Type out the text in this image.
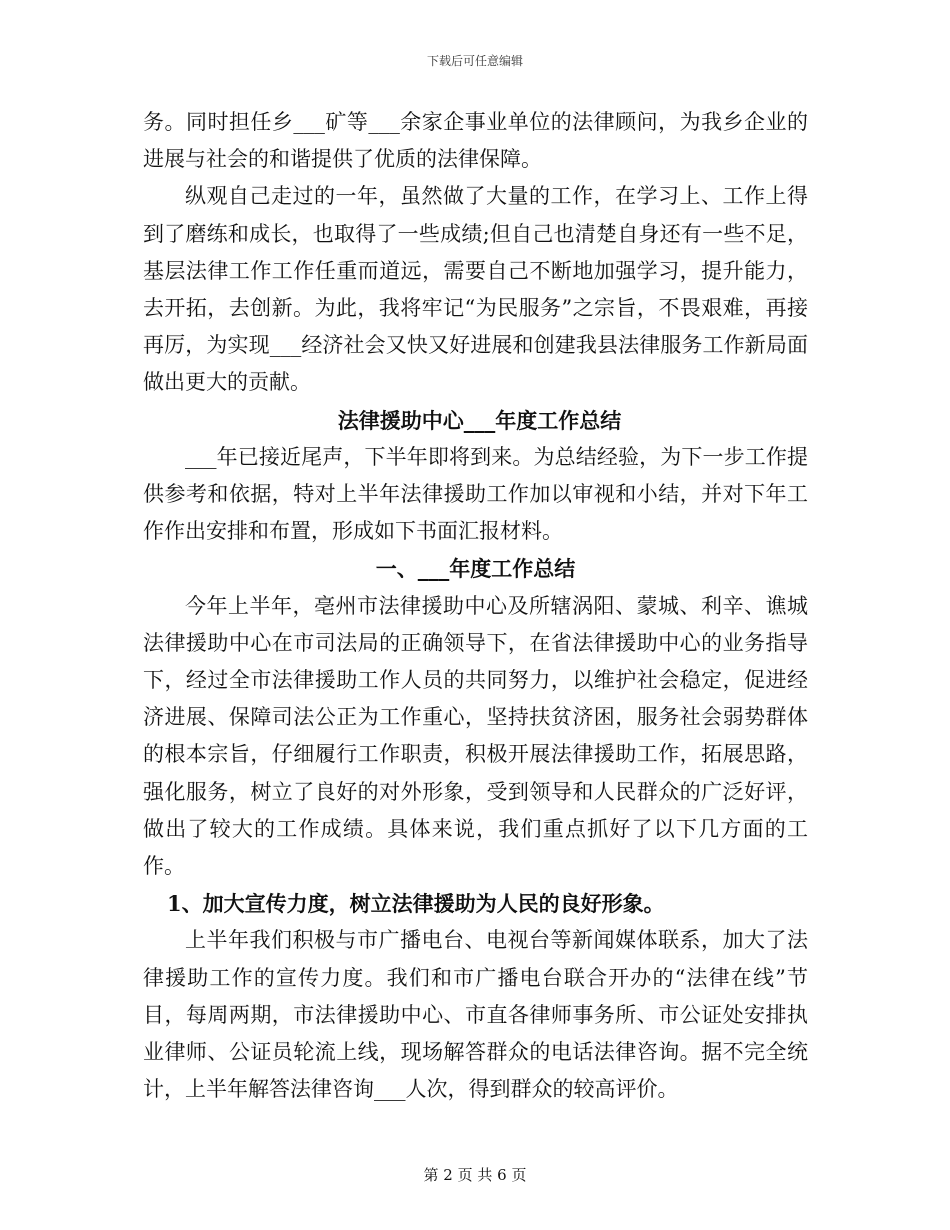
下载后可任意编辑

务。同时担任乡___矿等___余家企事业单位的法律顾问，为我乡企业的进展与社会的和谐提供了优质的法律保障。

纵观自己走过的一年，虽然做了大量的工作，在学习上、工作上得到了磨练和成长，也取得了一些成绩;但自己也清楚自身还有一些不足，基层法律工作工作任重而道远，需要自己不断地加强学习，提升能力，去开拓，去创新。为此，我将牢记“为民服务”之宗旨，不畏艰难，再接再厉，为实现___经济社会又快又好进展和创建我县法律服务工作新局面做出更大的贡献。

法律援助中心___年度工作总结

___年已接近尾声，下半年即将到来。为总结经验，为下一步工作提供参考和依据，特对上半年法律援助工作加以审视和小结，并对下年工作作出安排和布置，形成如下书面汇报材料。

一、___年度工作总结

今年上半年，亳州市法律援助中心及所辖涡阳、蒙城、利辛、谯城法律援助中心在市司法局的正确领导下，在省法律援助中心的业务指导下，经过全市法律援助工作人员的共同努力，以维护社会稳定，促进经济进展、保障司法公正为工作重心，坚持扶贫济困，服务社会弱势群体的根本宗旨，仔细履行工作职责，积极开展法律援助工作，拓展思路，强化服务，树立了良好的对外形象，受到领导和人民群众的广泛好评，做出了较大的工作成绩。具体来说，我们重点抓好了以下几方面的工作。

1、加大宣传力度，树立法律援助为人民的良好形象。

上半年我们积极与市广播电台、电视台等新闻媒体联系，加大了法律援助工作的宣传力度。我们和市广播电台联合开办的“法律在线”节目，每周两期，市法律援助中心、市直各律师事务所、市公证处安排执业律师、公证员轮流上线，现场解答群众的电话法律咨询。据不完全统计，上半年解答法律咨询___人次，得到群众的较高评价。

第 2 页 共 6 页
